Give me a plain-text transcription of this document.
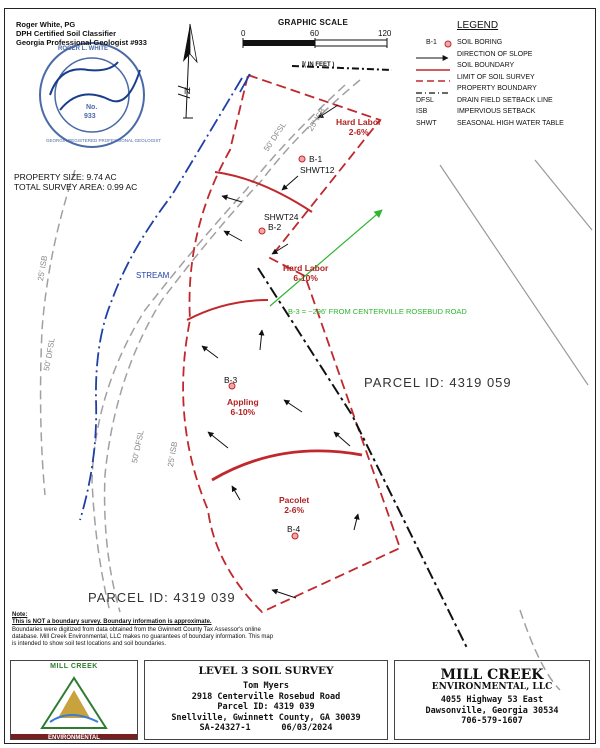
Roger White, PG
DPH Certified Soil Classifier
Georgia Professional Geologist #933
ROGER L. WHITE
No.
933
GEORGIA REGISTERED PROFESSIONAL GEOLOGIST
PROPERTY SIZE: 9.74 AC
TOTAL SURVEY AREA: 0.99 AC
GRAPHIC SCALE
0	60	120
( IN FEET )
N
LEGEND
B-1	SOIL BORING
DIRECTION OF SLOPE
SOIL BOUNDARY
LIMIT OF SOIL SURVEY
PROPERTY BOUNDARY
DFSL	DRAIN FIELD SETBACK LINE
ISB	IMPERVIOUS SETBACK
SHWT	SEASONAL HIGH WATER TABLE
Hard Labor
2-6%
Hard Labor
6-10%
Appling
6-10%
Pacolet
2-6%
B-1
SHWT12
SHWT24
B-2
B-3
B-4
B-3 = ~296' FROM CENTERVILLE ROSEBUD ROAD
PARCEL ID: 4319 059
PARCEL ID: 4319 039
STREAM
50' DFSL
25' ISB
25' ISB
50' DFSL
50' DFSL	25' ISB
Note:
This is NOT a boundary survey. Boundary information is approximate.
Boundaries were digitized from data obtained from the Gwinnett County Tax Assessor's online database. Mill Creek Environmental, LLC makes no guarantees of boundary information. This map is intended to show soil test locations and soil boundaries.
MILL CREEK
ENVIRONMENTAL
LEVEL 3 SOIL SURVEY
Tom Myers
2918 Centerville Rosebud Road
Parcel ID: 4319 039
Snellville, Gwinnett County, GA 30039
SA-24327-1	06/03/2024
MILL CREEK
ENVIRONMENTAL, LLC
4055 Highway 53 East
Dawsonville, Georgia 30534
706-579-1607
